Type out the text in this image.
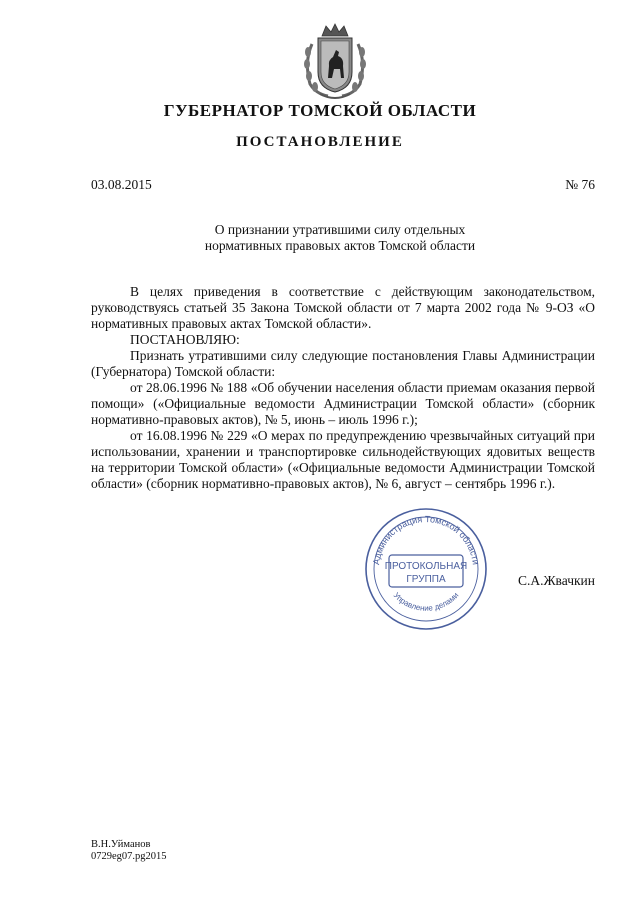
ГУБЕРНАТОР ТОМСКОЙ ОБЛАСТИ
ПОСТАНОВЛЕНИЕ
03.08.2015	№ 76
О признании утратившими силу отдельных
нормативных правовых актов Томской области

В целях приведения в соответствие с действующим законодательством, руководствуясь статьей 35 Закона Томской области от 7 марта 2002 года № 9-ОЗ «О нормативных правовых актах Томской области».

ПОСТАНОВЛЯЮ:

Признать утратившими силу следующие постановления Главы Администрации (Губернатора) Томской области:

от 28.06.1996 № 188 «Об обучении населения области приемам оказания первой помощи» («Официальные ведомости Администрации Томской области» (сборник нормативно-правовых актов), № 5, июнь – июль 1996 г.);

от 16.08.1996 № 229 «О мерах по предупреждению чрезвычайных ситуаций при использовании, хранении и транспортировке сильнодействующих ядовитых веществ на территории Томской области» («Официальные ведомости Администрации Томской области» (сборник нормативно-правовых актов), № 6, август – сентябрь 1996 г.).

Администрация Томской области
Управление делами
ПРОТОКОЛЬНАЯ
ГРУППА	С.А.Жвачкин
В.Н.Уйманов
0729eg07.pg2015
